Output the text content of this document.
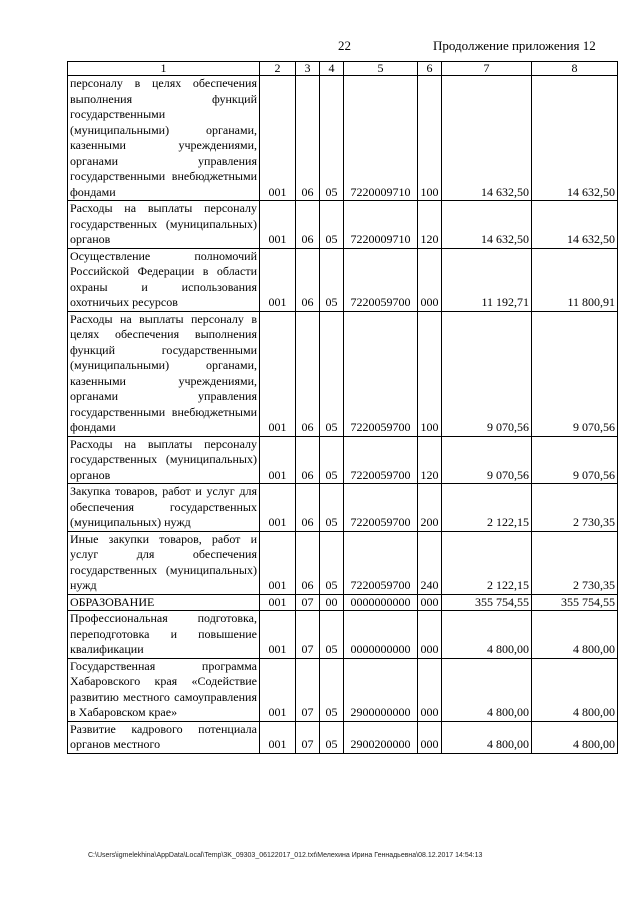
22	Продолжение приложения 12
1	2	3	4	5	6	7	8
персоналу в целях обеспечения выполнения функций государственными (муниципальными) органами, казенными учреждениями, органами управления государственными внебюджетными фондами	001	06	05	7220009710	100	14 632,50	14 632,50
Расходы на выплаты персоналу государственных (муниципальных) органов	001	06	05	7220009710	120	14 632,50	14 632,50
Осуществление полномочий Российской Федерации в области охраны и использования охотничьих ресурсов	001	06	05	7220059700	000	11 192,71	11 800,91
Расходы на выплаты персоналу в целях обеспечения выполнения функций государственными (муниципальными) органами, казенными учреждениями, органами управления государственными внебюджетными фондами	001	06	05	7220059700	100	9 070,56	9 070,56
Расходы на выплаты персоналу государственных (муниципальных) органов	001	06	05	7220059700	120	9 070,56	9 070,56
Закупка товаров, работ и услуг для обеспечения государственных (муниципальных) нужд	001	06	05	7220059700	200	2 122,15	2 730,35
Иные закупки товаров, работ и услуг для обеспечения государственных (муниципальных) нужд	001	06	05	7220059700	240	2 122,15	2 730,35
ОБРАЗОВАНИЕ	001	07	00	0000000000	000	355 754,55	355 754,55
Профессиональная подготовка, переподготовка и повышение квалификации	001	07	05	0000000000	000	4 800,00	4 800,00
Государственная программа Хабаровского края «Содействие развитию местного самоуправления в Хабаровском крае»	001	07	05	2900000000	000	4 800,00	4 800,00
Развитие кадрового потенциала органов местного	001	07	05	2900200000	000	4 800,00	4 800,00
C:\Users\igmelekhina\AppData\Local\Temp\3K_09303_06122017_012.txt\Мелехина Ирина Геннадьевна\08.12.2017 14:54:13
